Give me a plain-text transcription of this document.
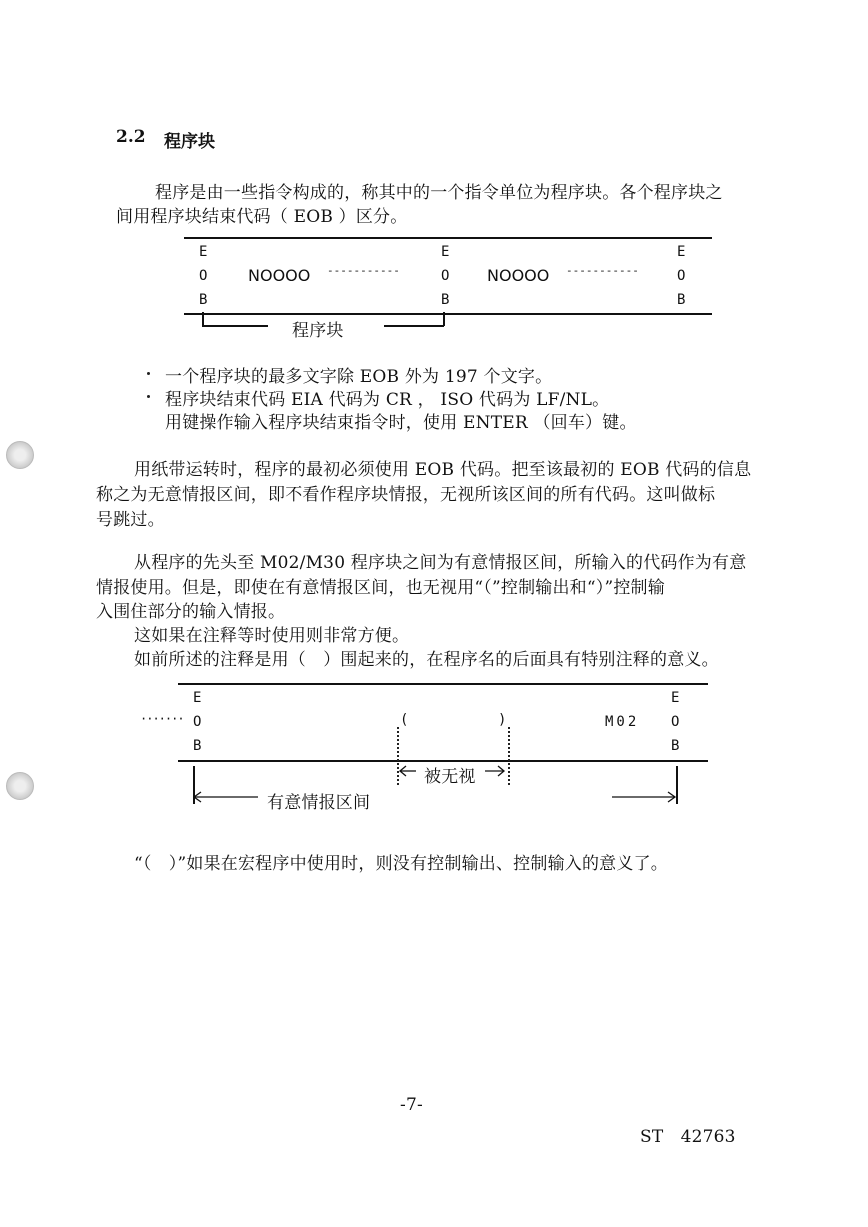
2.2 程序块
程序是由一些指令构成的，称其中的一个指令单位为程序块。各个程序块之
间用程序块结束代码（ EOB ）区分。
E
O
B
NOOOO -----------
E
O
B
NOOOO -----------
E
O
B
程序块
一个程序块的最多文字除 EOB 外为 197 个文字。
程序块结束代码 EIA 代码为 CR ， ISO 代码为 LF/NL。
用键操作输入程序块结束指令时，使用 ENTER （回车）键。
用纸带运转时，程序的最初必须使用 EOB 代码。把至该最初的 EOB 代码的信息
称之为无意情报区间，即不看作程序块情报，无视所该区间的所有代码。这叫做标
号跳过。
从程序的先头至 M02/M30 程序块之间为有意情报区间，所输入的代码作为有意
情报使用。但是，即使在有意情报区间，也无视用“（”控制输出和“）”控制输
入围住部分的输入情报。
这如果在注释等时使用则非常方便。
如前所述的注释是用（　）围起来的，在程序名的后面具有特别注释的意义。
·······
E
O
B
(	)	M02
E
O
B
被无视
有意情报区间
“（　）”如果在宏程序中使用时，则没有控制输出、控制输入的意义了。
-7-
ST　42763
